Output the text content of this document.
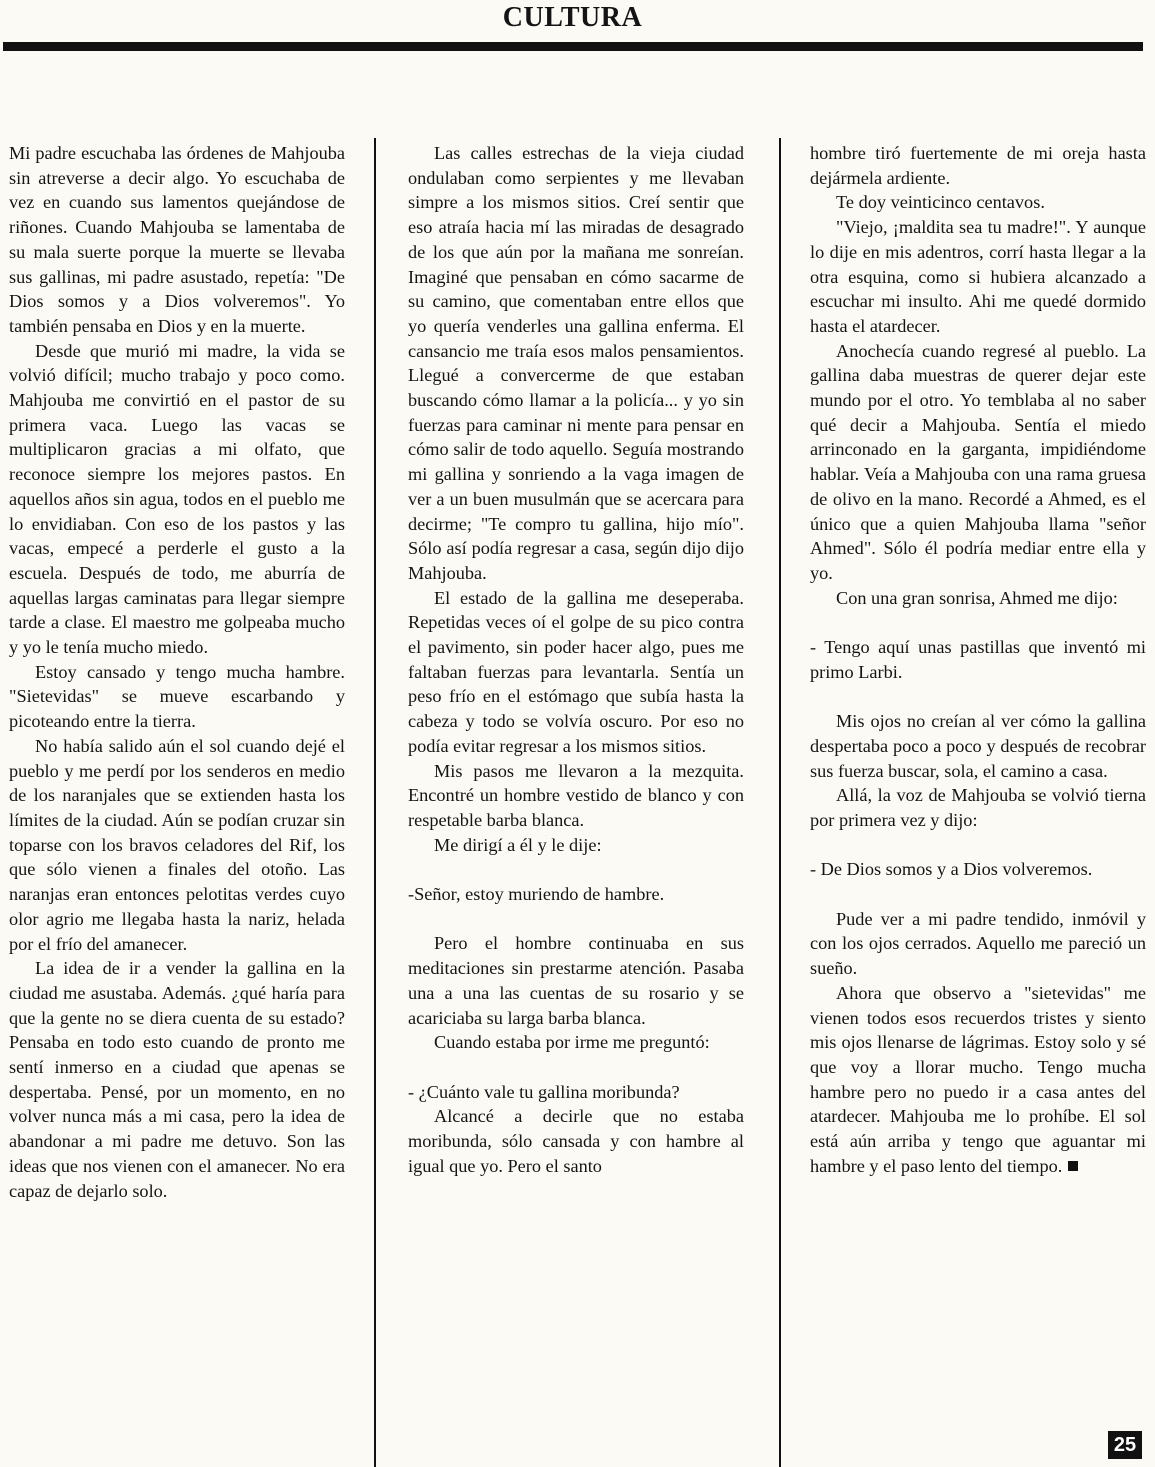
CULTURA

Mi padre escuchaba las órdenes de Mahjouba sin atreverse a decir algo. Yo escuchaba de vez en cuando sus lamentos quejándose de riñones. Cuando Mahjouba se lamentaba de su mala suerte porque la muerte se llevaba sus gallinas, mi padre asustado, repetía: "De Dios somos y a Dios volveremos". Yo también pensaba en Dios y en la muerte.

Desde que murió mi madre, la vida se volvió difícil; mucho trabajo y poco como. Mahjouba me convirtió en el pastor de su primera vaca. Luego las vacas se multiplicaron gracias a mi olfato, que reconoce siempre los mejores pastos. En aquellos años sin agua, todos en el pueblo me lo envidiaban. Con eso de los pastos y las vacas, empecé a perderle el gusto a la escuela. Después de todo, me aburría de aquellas largas caminatas para llegar siempre tarde a clase. El maestro me golpeaba mucho y yo le tenía mucho miedo.

Estoy cansado y tengo mucha hambre. "Sietevidas" se mueve escarbando y picoteando entre la tierra.

No había salido aún el sol cuando dejé el pueblo y me perdí por los senderos en medio de los naranjales que se extienden hasta los límites de la ciudad. Aún se podían cruzar sin toparse con los bravos celadores del Rif, los que sólo vienen a finales del otoño. Las naranjas eran entonces pelotitas verdes cuyo olor agrio me llegaba hasta la nariz, helada por el frío del amanecer.

La idea de ir a vender la gallina en la ciudad me asustaba. Además. ¿qué haría para que la gente no se diera cuenta de su estado? Pensaba en todo esto cuando de pronto me sentí inmerso en a ciudad que apenas se despertaba. Pensé, por un momento, en no volver nunca más a mi casa, pero la idea de abandonar a mi padre me detuvo. Son las ideas que nos vienen con el amanecer. No era capaz de dejarlo solo.

Las calles estrechas de la vieja ciudad ondulaban como serpientes y me llevaban simpre a los mismos sitios. Creí sentir que eso atraía hacia mí las miradas de desagrado de los que aún por la mañana me sonreían. Imaginé que pensaban en cómo sacarme de su camino, que comentaban entre ellos que yo quería venderles una gallina enferma. El cansancio me traía esos malos pensamientos. Llegué a convercerme de que estaban buscando cómo llamar a la policía... y yo sin fuerzas para caminar ni mente para pensar en cómo salir de todo aquello. Seguía mostrando mi gallina y sonriendo a la vaga imagen de ver a un buen musulmán que se acercara para decirme; "Te compro tu gallina, hijo mío". Sólo así podía regresar a casa, según dijo dijo Mahjouba.

El estado de la gallina me deseperaba. Repetidas veces oí el golpe de su pico contra el pavimento, sin poder hacer algo, pues me faltaban fuerzas para levantarla. Sentía un peso frío en el estómago que subía hasta la cabeza y todo se volvía oscuro. Por eso no podía evitar regresar a los mismos sitios.

Mis pasos me llevaron a la mezquita. Encontré un hombre vestido de blanco y con respetable barba blanca.

Me dirigí a él y le dije:

-Señor, estoy muriendo de hambre.

Pero el hombre continuaba en sus meditaciones sin prestarme atención. Pasaba una a una las cuentas de su rosario y se acariciaba su larga barba blanca.

Cuando estaba por irme me preguntó:

- ¿Cuánto vale tu gallina moribunda?

Alcancé a decirle que no estaba moribunda, sólo cansada y con hambre al igual que yo. Pero el santo

hombre tiró fuertemente de mi oreja hasta dejármela ardiente.

Te doy veinticinco centavos.

"Viejo, ¡maldita sea tu madre!". Y aunque lo dije en mis adentros, corrí hasta llegar a la otra esquina, como si hubiera alcanzado a escuchar mi insulto. Ahi me quedé dormido hasta el atardecer.

Anochecía cuando regresé al pueblo. La gallina daba muestras de querer dejar este mundo por el otro. Yo temblaba al no saber qué decir a Mahjouba. Sentía el miedo arrinconado en la garganta, impidiéndome hablar. Veía a Mahjouba con una rama gruesa de olivo en la mano. Recordé a Ahmed, es el único que a quien Mahjouba llama "señor Ahmed". Sólo él podría mediar entre ella y yo.

Con una gran sonrisa, Ahmed me dijo:

- Tengo aquí unas pastillas que inventó mi primo Larbi.

Mis ojos no creían al ver cómo la gallina despertaba poco a poco y después de recobrar sus fuerza buscar, sola, el camino a casa.

Allá, la voz de Mahjouba se volvió tierna por primera vez y dijo:

- De Dios somos y a Dios volveremos.

Pude ver a mi padre tendido, inmóvil y con los ojos cerrados. Aquello me pareció un sueño.

Ahora que observo a "sietevidas" me vienen todos esos recuerdos tristes y siento mis ojos llenarse de lágrimas. Estoy solo y sé que voy a llorar mucho. Tengo mucha hambre pero no puedo ir a casa antes del atardecer. Mahjouba me lo prohíbe. El sol está aún arriba y tengo que aguantar mi hambre y el paso lento del tiempo.

25
